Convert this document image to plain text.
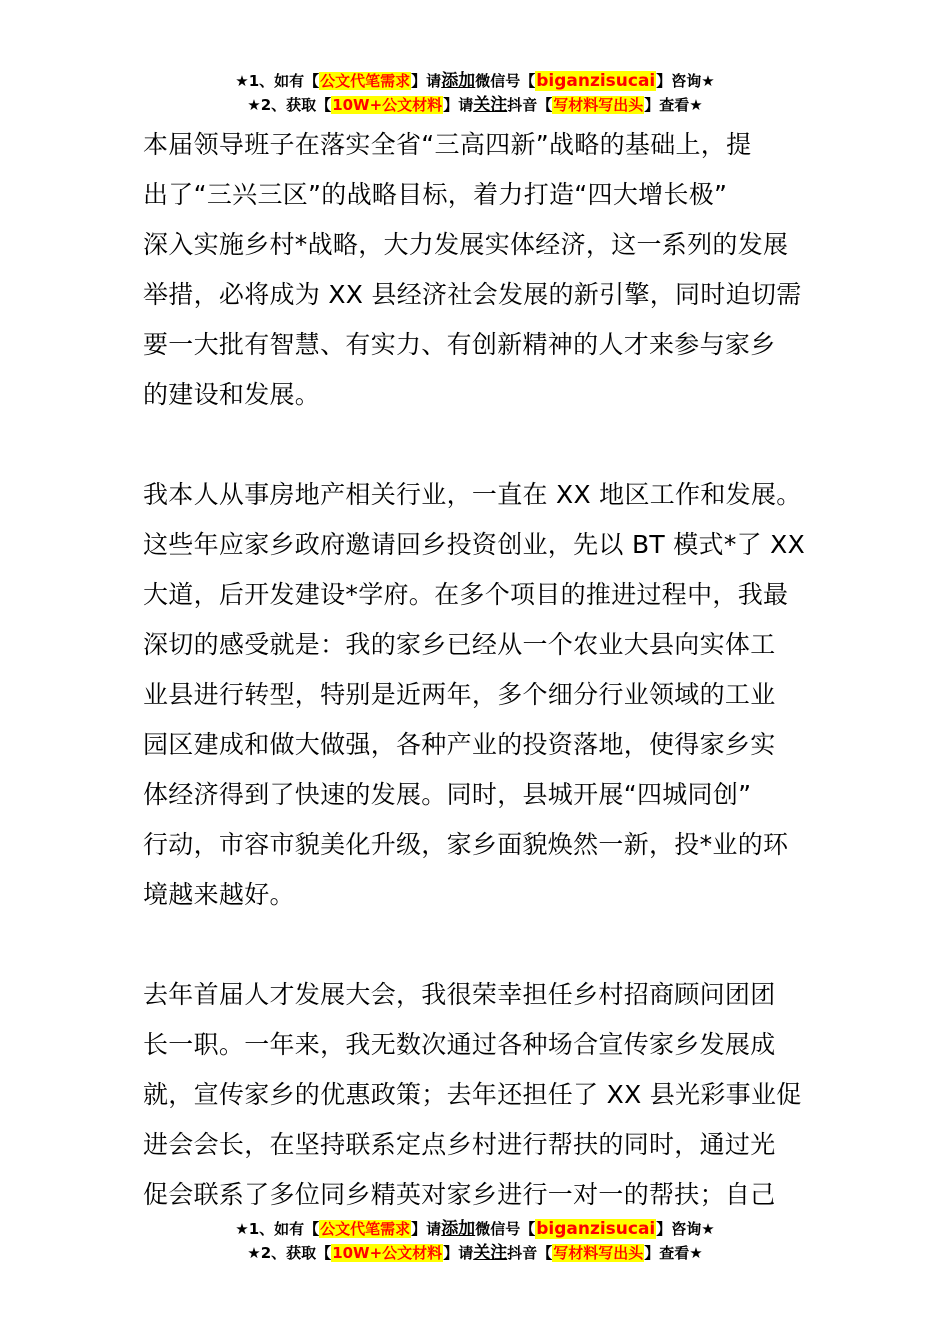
★1、如有【公文代笔需求】请添加微信号【biganzisucai】咨询★
★2、获取【10W+公文材料】请关注抖音【写材料写出头】查看★

本届领导班子在落实全省“三高四新”战略的基础上，提
出了“三兴三区”的战略目标，着力打造“四大增长极”
深入实施乡村*战略，大力发展实体经济，这一系列的发展
举措，必将成为 XX 县经济社会发展的新引擎，同时迫切需
要一大批有智慧、有实力、有创新精神的人才来参与家乡
的建设和发展。

我本人从事房地产相关行业，一直在 XX 地区工作和发展。
这些年应家乡政府邀请回乡投资创业，先以 BT 模式*了 XX
大道，后开发建设*学府。在多个项目的推进过程中，我最
深切的感受就是：我的家乡已经从一个农业大县向实体工
业县进行转型，特别是近两年，多个细分行业领域的工业
园区建成和做大做强，各种产业的投资落地，使得家乡实
体经济得到了快速的发展。同时，县城开展“四城同创”
行动，市容市貌美化升级，家乡面貌焕然一新，投*业的环
境越来越好。

去年首届人才发展大会，我很荣幸担任乡村招商顾问团团
长一职。一年来，我无数次通过各种场合宣传家乡发展成
就，宣传家乡的优惠政策；去年还担任了 XX 县光彩事业促
进会会长，在坚持联系定点乡村进行帮扶的同时，通过光
促会联系了多位同乡精英对家乡进行一对一的帮扶；自己

★1、如有【公文代笔需求】请添加微信号【biganzisucai】咨询★
★2、获取【10W+公文材料】请关注抖音【写材料写出头】查看★
